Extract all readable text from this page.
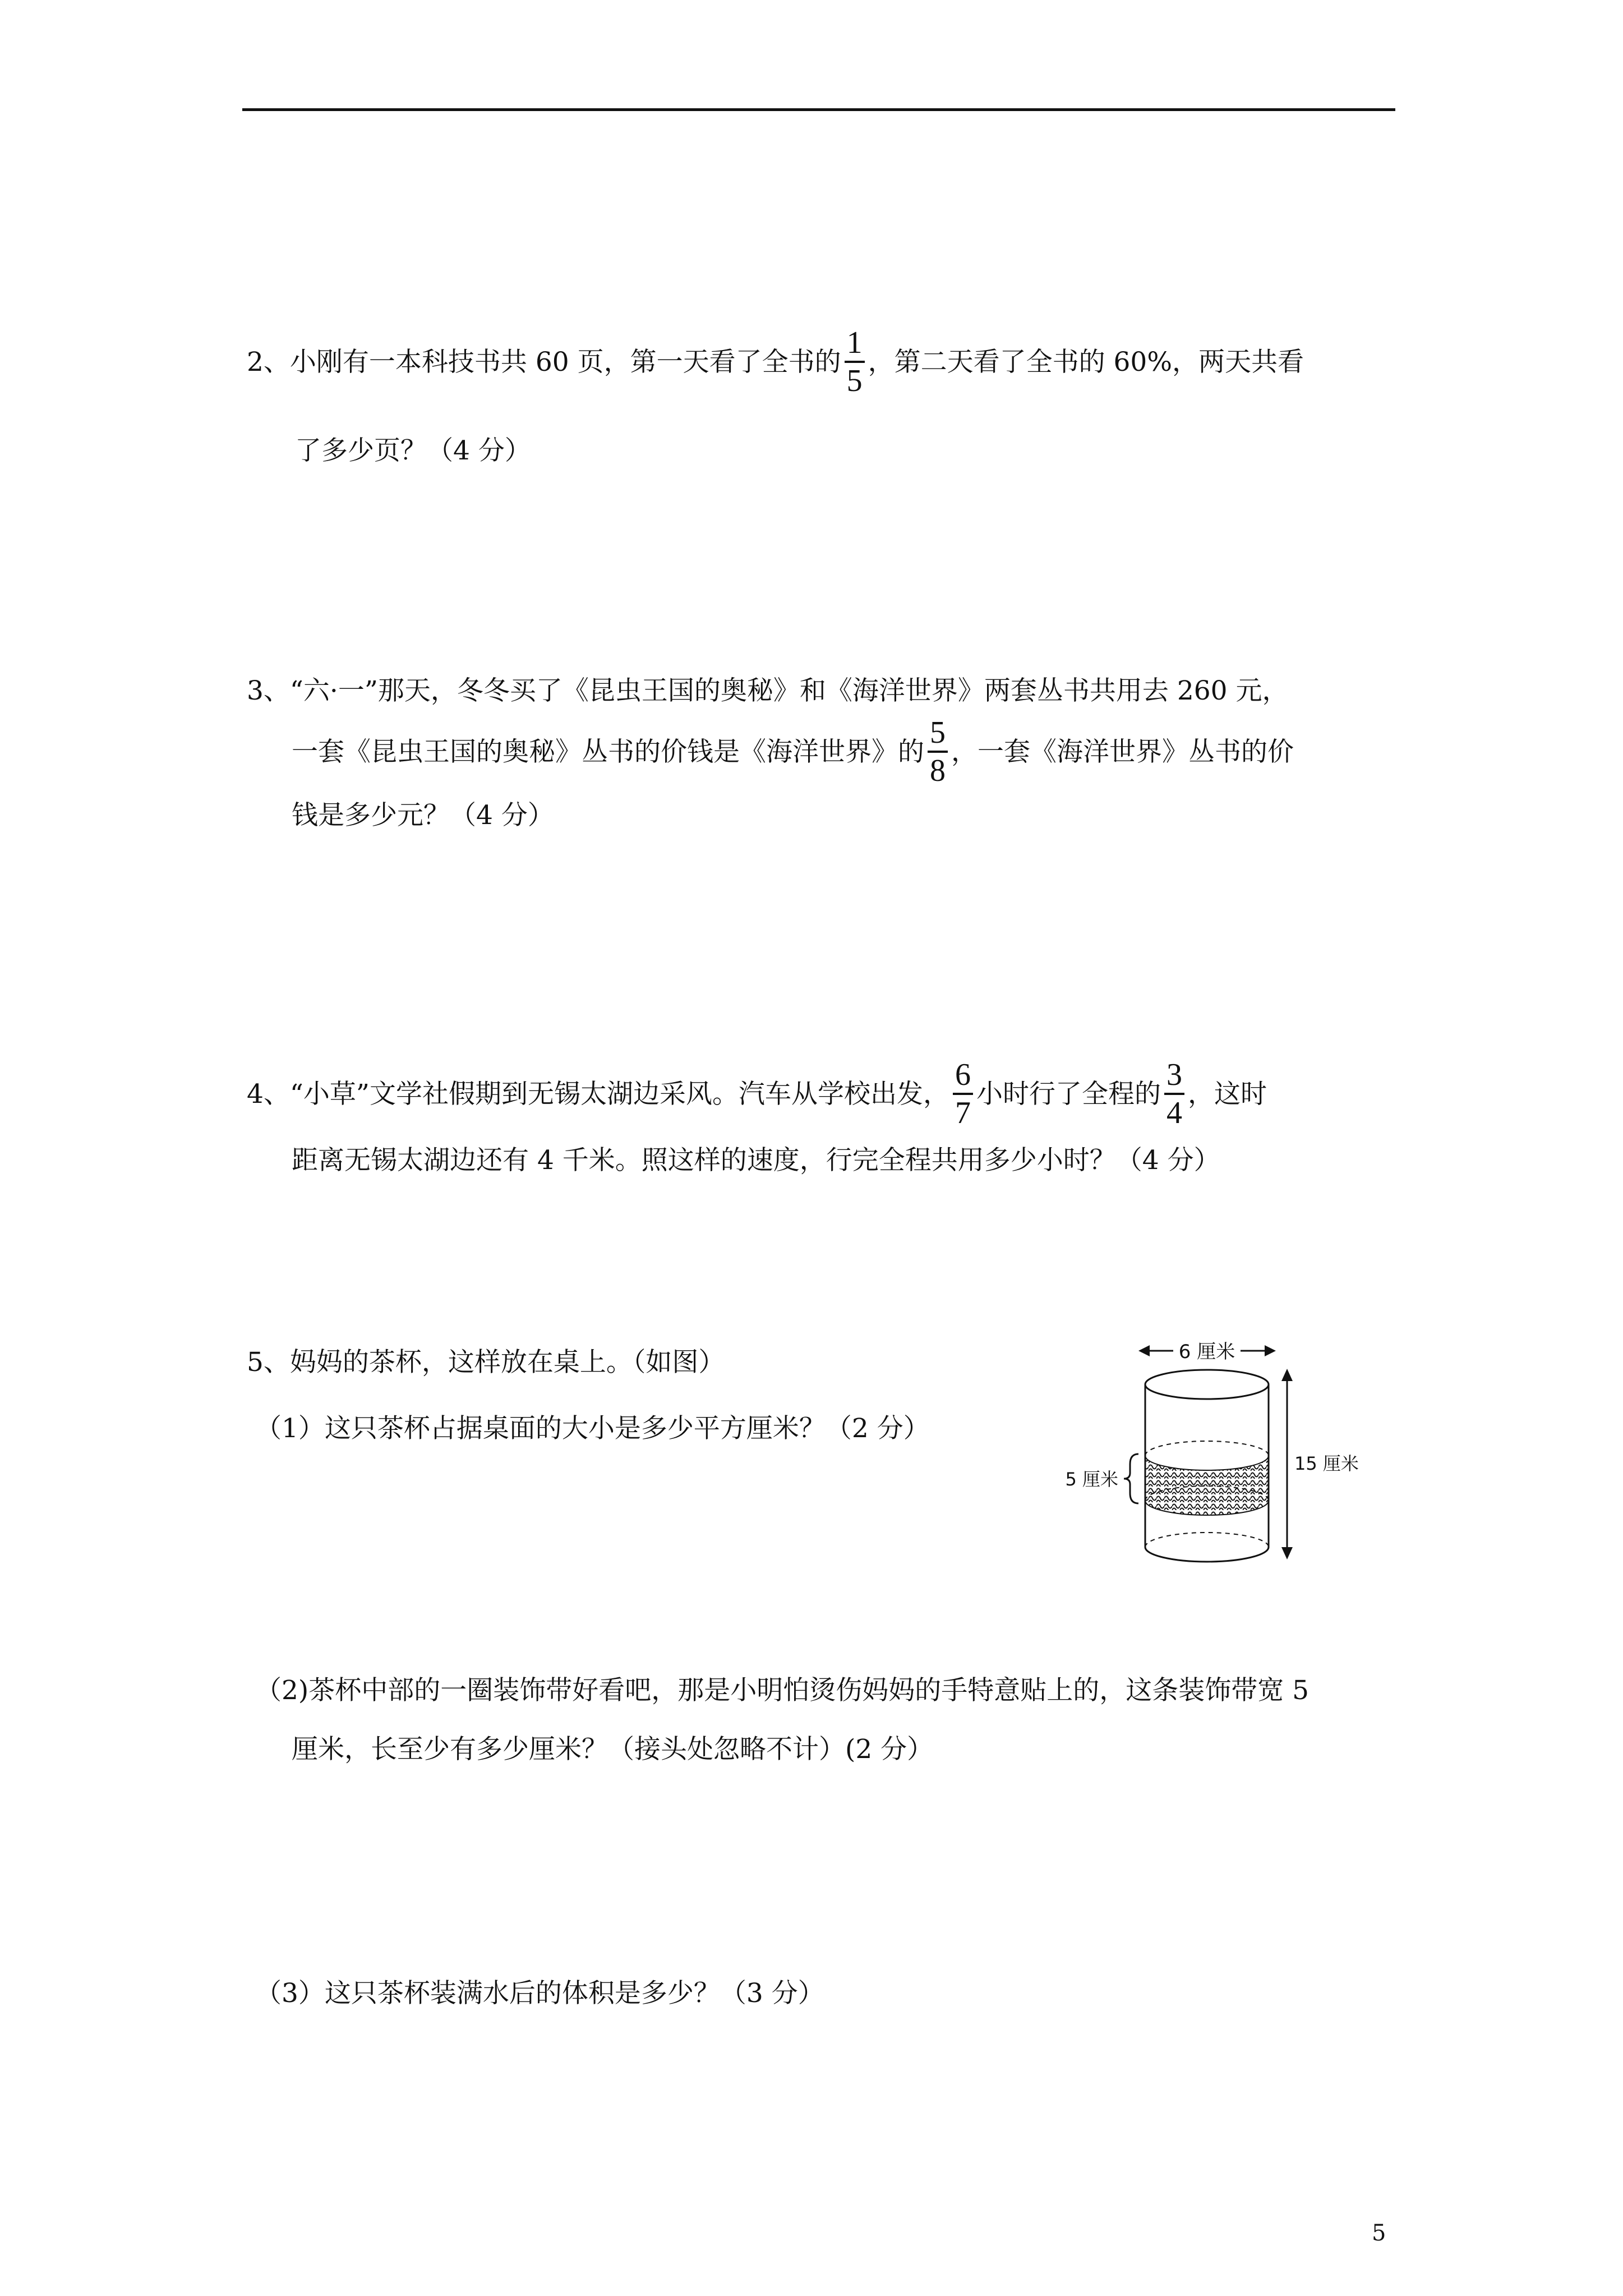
2、小刚有一本科技书共 60 页，第一天看了全书的 $\frac{1}{5}$ ，第二天看了全书的 60%，两天共看
了多少页？（4 分）
3、“六·一”那天，冬冬买了《昆虫王国的奥秘》和《海洋世界》两套丛书共用去 260 元，
一套《昆虫王国的奥秘》丛书的价钱是《海洋世界》的 $\frac{5}{8}$ ，一套《海洋世界》丛书的价
钱是多少元？（4 分）
4、“小草”文学社假期到无锡太湖边采风。汽车从学校出发， $\frac{6}{7}$ 小时行了全程的 $\frac{3}{4}$ ，这时
距离无锡太湖边还有 4 千米。照这样的速度，行完全程共用多少小时？（4 分）
5、妈妈的茶杯，这样放在桌上。（如图）
（1）这只茶杯占据桌面的大小是多少平方厘米？（2 分）
（2)茶杯中部的一圈装饰带好看吧，那是小明怕烫伤妈妈的手特意贴上的，这条装饰带宽 5
厘米，长至少有多少厘米？（接头处忽略不计）(2 分）
（3）这只茶杯装满水后的体积是多少？（3 分）
6 厘米
5 厘米
15 厘米
5
